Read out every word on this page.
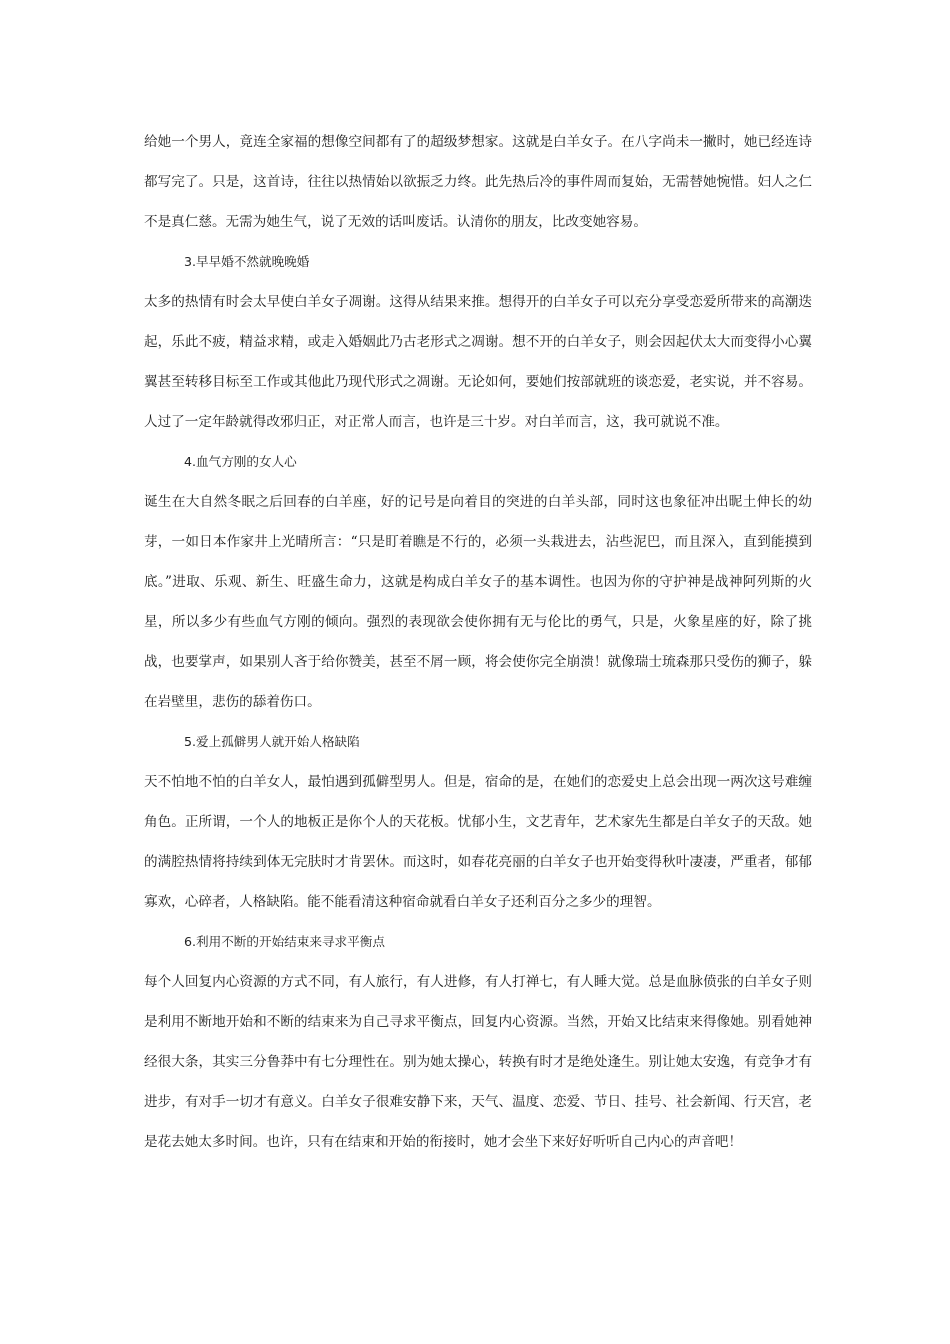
给她一个男人，竟连全家福的想像空间都有了的超级梦想家。这就是白羊女子。在八字尚未一撇时，她已经连诗都写完了。只是，这首诗，往往以热情始以欲振乏力终。此先热后冷的事件周而复始，无需替她惋惜。妇人之仁不是真仁慈。无需为她生气，说了无效的话叫废话。认清你的朋友，比改变她容易。

3.早早婚不然就晚晚婚

太多的热情有时会太早使白羊女子凋谢。这得从结果来推。想得开的白羊女子可以充分享受恋爱所带来的高潮迭起，乐此不疲，精益求精，或走入婚姻此乃古老形式之凋谢。想不开的白羊女子，则会因起伏太大而变得小心翼翼甚至转移目标至工作或其他此乃现代形式之凋谢。无论如何，要她们按部就班的谈恋爱，老实说，并不容易。人过了一定年龄就得改邪归正，对正常人而言，也许是三十岁。对白羊而言，这，我可就说不准。

4.血气方刚的女人心

诞生在大自然冬眠之后回春的白羊座，好的记号是向着目的突进的白羊头部，同时这也象征冲出昵土伸长的幼芽，一如日本作家井上光晴所言：“只是盯着瞧是不行的，必须一头栽进去，沾些泥巴，而且深入，直到能摸到底。”进取、乐观、新生、旺盛生命力，这就是构成白羊女子的基本调性。也因为你的守护神是战神阿列斯的火星，所以多少有些血气方刚的倾向。强烈的表现欲会使你拥有无与伦比的勇气，只是，火象星座的好，除了挑战，也要掌声，如果别人吝于给你赞美，甚至不屑一顾，将会使你完全崩溃！就像瑞士琉森那只受伤的狮子，躲在岩壁里，悲伤的舔着伤口。

5.爱上孤僻男人就开始人格缺陷

天不怕地不怕的白羊女人，最怕遇到孤僻型男人。但是，宿命的是，在她们的恋爱史上总会出现一两次这号难缠角色。正所谓，一个人的地板正是你个人的天花板。忧郁小生，文艺青年，艺术家先生都是白羊女子的天敌。她的满腔热情将持续到体无完肤时才肯罢休。而这时，如春花亮丽的白羊女子也开始变得秋叶凄凄，严重者，郁郁寡欢，心碎者，人格缺陷。能不能看清这种宿命就看白羊女子还利百分之多少的理智。

6.利用不断的开始结束来寻求平衡点

每个人回复内心资源的方式不同，有人旅行，有人进修，有人打禅七，有人睡大觉。总是血脉偾张的白羊女子则是利用不断地开始和不断的结束来为自己寻求平衡点，回复内心资源。当然，开始又比结束来得像她。别看她神经很大条，其实三分鲁莽中有七分理性在。别为她太操心，转换有时才是绝处逢生。别让她太安逸，有竞争才有进步，有对手一切才有意义。白羊女子很难安静下来，天气、温度、恋爱、节日、挂号、社会新闻、行天宫，老是花去她太多时间。也许，只有在结束和开始的衔接时，她才会坐下来好好听听自己内心的声音吧！
